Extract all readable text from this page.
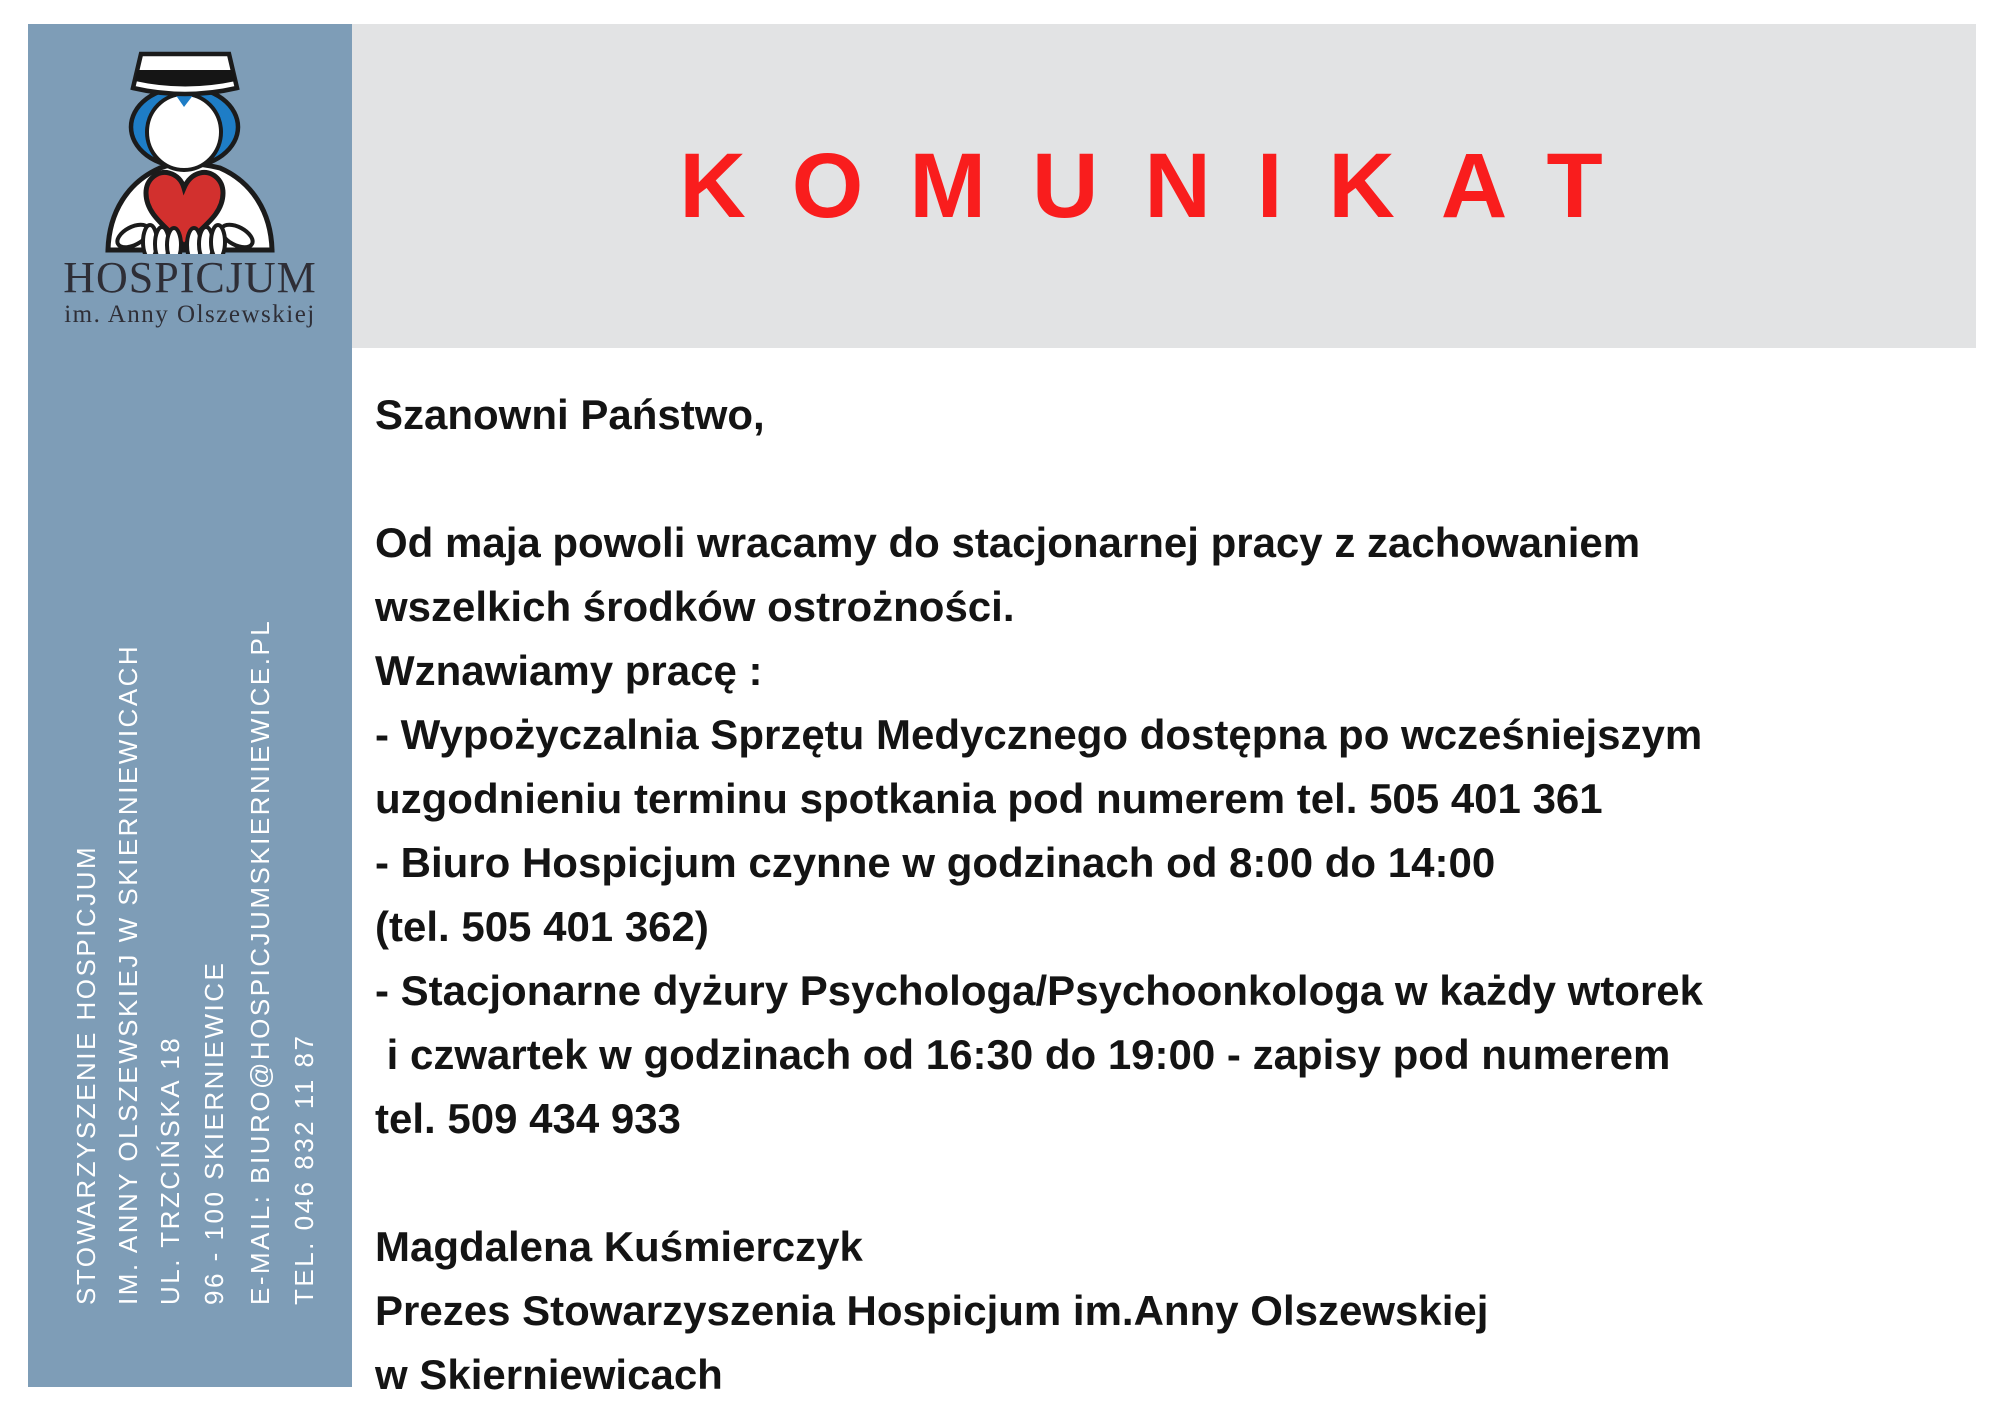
HOSPICJUM
im. Anny Olszewskiej
STOWARZYSZENIE HOSPICJUM IM. ANNY OLSZEWSKIEJ W SKIERNIEWICACH UL. TRZCIŃSKA 18 96 - 100 SKIERNIEWICE E-MAIL: BIURO@HOSPICJUMSKIERNIEWICE.PL TEL. 046 832 11 87
KOMUNIKAT
Szanowni Państwo,
Od maja powoli wracamy do stacjonarnej pracy z zachowaniem
wszelkich środków ostrożności.
Wznawiamy pracę :
- Wypożyczalnia Sprzętu Medycznego dostępna po wcześniejszym
uzgodnieniu terminu spotkania pod numerem tel. 505 401 361
- Biuro Hospicjum czynne w godzinach od 8:00 do 14:00
(tel. 505 401 362)
- Stacjonarne dyżury Psychologa/Psychoonkologa w każdy wtorek
i czwartek w godzinach od 16:30 do 19:00 - zapisy pod numerem
tel. 509 434 933
Magdalena Kuśmierczyk
Prezes Stowarzyszenia Hospicjum im.Anny Olszewskiej
w Skierniewicach
